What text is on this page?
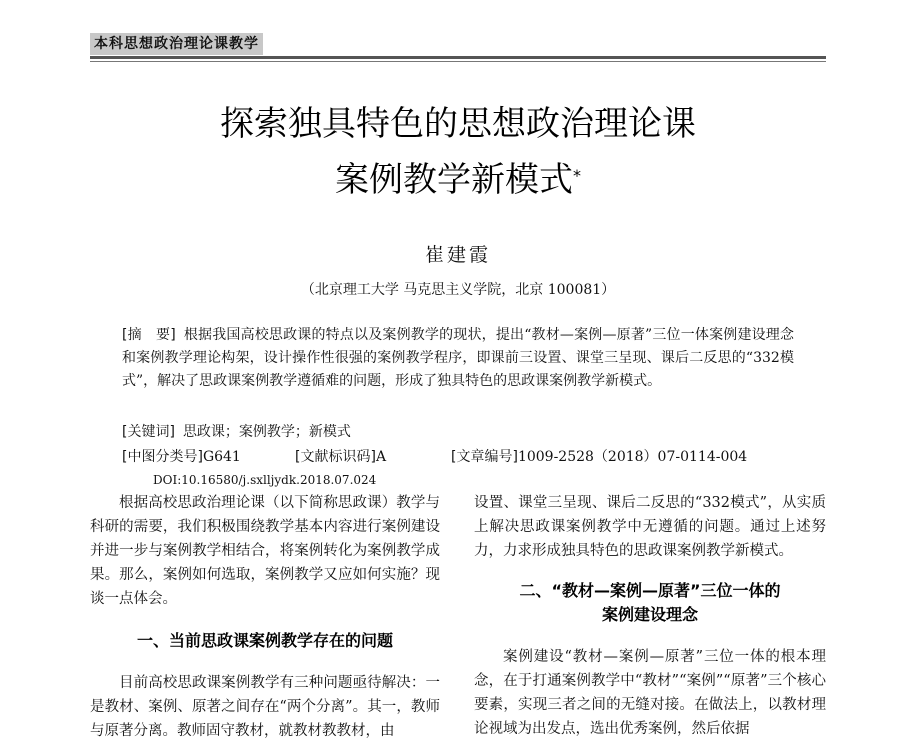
本科思想政治理论课教学
探索独具特色的思想政治理论课
案例教学新模式*
崔建霞
（北京理工大学 马克思主义学院，北京 100081）
[摘　要] 根据我国高校思政课的特点以及案例教学的现状，提出“教材—案例—原著”三位一体案例建设理念和案例教学理论构架，设计操作性很强的案例教学程序，即课前三设置、课堂三呈现、课后二反思的“332模式”，解决了思政课案例教学遵循难的问题，形成了独具特色的思政课案例教学新模式。
[关键词] 思政课；案例教学；新模式
[中图分类号]G641	[文献标识码]A	[文章编号]1009-2528（2018）07-0114-004
DOI:10.16580/j.sxlljydk.2018.07.024

根据高校思政治理论课（以下简称思政课）教学与科研的需要，我们积极围绕教学基本内容进行案例建设并进一步与案例教学相结合，将案例转化为案例教学成果。那么，案例如何选取，案例教学又应如何实施？现谈一点体会。

一、当前思政课案例教学存在的问题

目前高校思政课案例教学有三种问题亟待解决：一是教材、案例、原著之间存在“两个分离”。其一，教师与原著分离。教师固守教材，就教材教教材，由

设置、课堂三呈现、课后二反思的“332模式”，从实质上解决思政课案例教学中无遵循的问题。通过上述努力，力求形成独具特色的思政课案例教学新模式。

二、“教材—案例—原著”三位一体的
案例建设理念

案例建设“教材—案例—原著”三位一体的根本理念，在于打通案例教学中“教材”“案例”“原著”三个核心要素，实现三者之间的无缝对接。在做法上，以教材理论视域为出发点，选出优秀案例，然后依据
